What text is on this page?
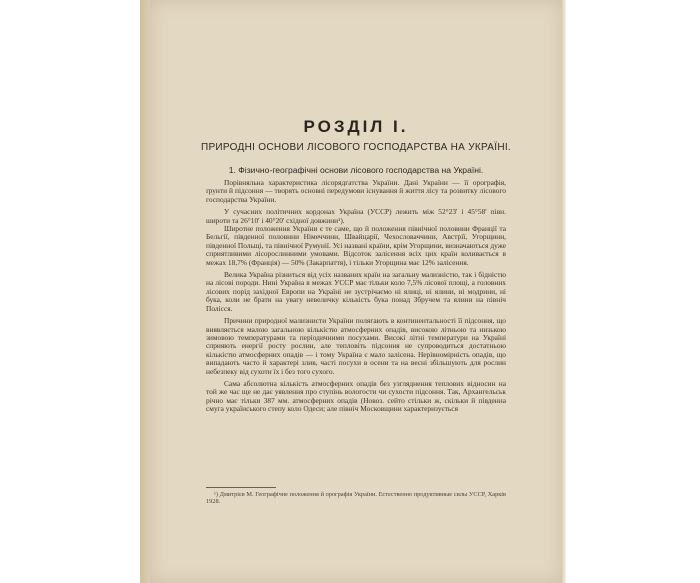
РОЗДІЛ І.
ПРИРОДНІ ОСНОВИ ЛІСОВОГО ГОСПОДАРСТВА НА УКРАЇНІ.
1. Фізично-географічні основи лісового господарства на Україні.

Порівняльна характеристика лісорядгатства України. Дані України — її орографія, ґрунти й підсоння — творять основні передумови існування й життя лісу та розвитку лісового господарства України.

У сучасних політичних кордонах Україна (УССР) лежить між 52°23' і 45°58' півн. широти та 26°10' і 40°20' східної довжини¹).

Широтне положення України є те саме, що й положення північної половини Франції та Бельгії, південної половини Німеччини, Швайцарії, Чехословаччини, Австрії, Угорщини, південної Польщі, та північної Румунії. Усі названі країни, крім Угорщини, визначаються дуже сприятливими лісорослинними умовами. Відсоток залісення всіх цих країн коливається в межах 18,7% (Франція) — 50% (Закарпаття), і тільки Угорщина має 12% залісення.

Велика Україна різниться від усіх названих країн на загальну мализністю, так і бідністю на лісові породи. Нині Україна в межах УССР має тільки коло 7,5% лісової площі, а головних лісових порід західної Европи на Україні не зустрічаємо ні ялиці, ні ялини, ні модрини, ні бука, коли не брати на увагу невеличку кількість бука понад Збручем та ялини на північ Полісся.

Причини природної мализнисти України полягають в континентальності її підсоння, що виявляється малою загальною кількістю атмосферних опадів, високою літньою та низькою зимовою температурами та періодичними посухами. Високі літні температури на Україні сприяють енергії росту рослин, але тепловіть підсоння не супроводиться достатньою кількістю атмосферних опадів — і тому Україна є мало залісена. Нерівномірність опадів, що випадають часто й характері злив, часті посухи в осени та на весні збільшують для рослин небезпеку від сухоти їх і без того сухого.

Сама абсолютна кількість атмосферних опадів без узгляднення теплових відносин на той же час ще не дає уявлення про ступінь вологости чи сухости підсоння. Так, Архангельськ річно має тільки 387 мм. атмосферних опадів (Новоз. сейто стільки ж, скільки й південна смуга українського степу коло Одеси; але північ Московщини характеризується

¹) Дмитрієв М. Географічне положення й орографія України. Естественно продуктивные силы УССР, Харків 1928.
